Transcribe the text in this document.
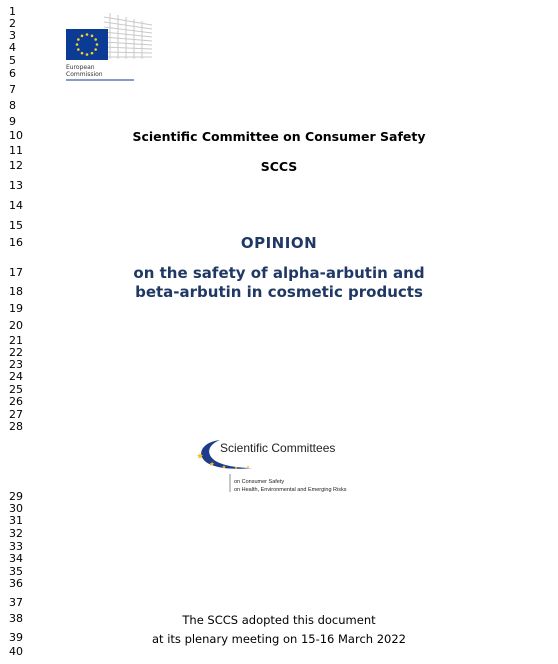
1
2
3
4
5
6
7
8
9
10
11
12
13
14
15
16
17
18
19
20
21
22
23
24
25
26
27
28
29
30
31
32
33
34
35
36
37
38
39
40
European
Commission
Scientific Committee on Consumer Safety
SCCS
OPINION
on the safety of alpha-arbutin and
beta-arbutin in cosmetic products
Scientific Committees
on Consumer Safety
on Health, Environmental and Emerging Risks
The SCCS adopted this document
at its plenary meeting on 15-16 March 2022
